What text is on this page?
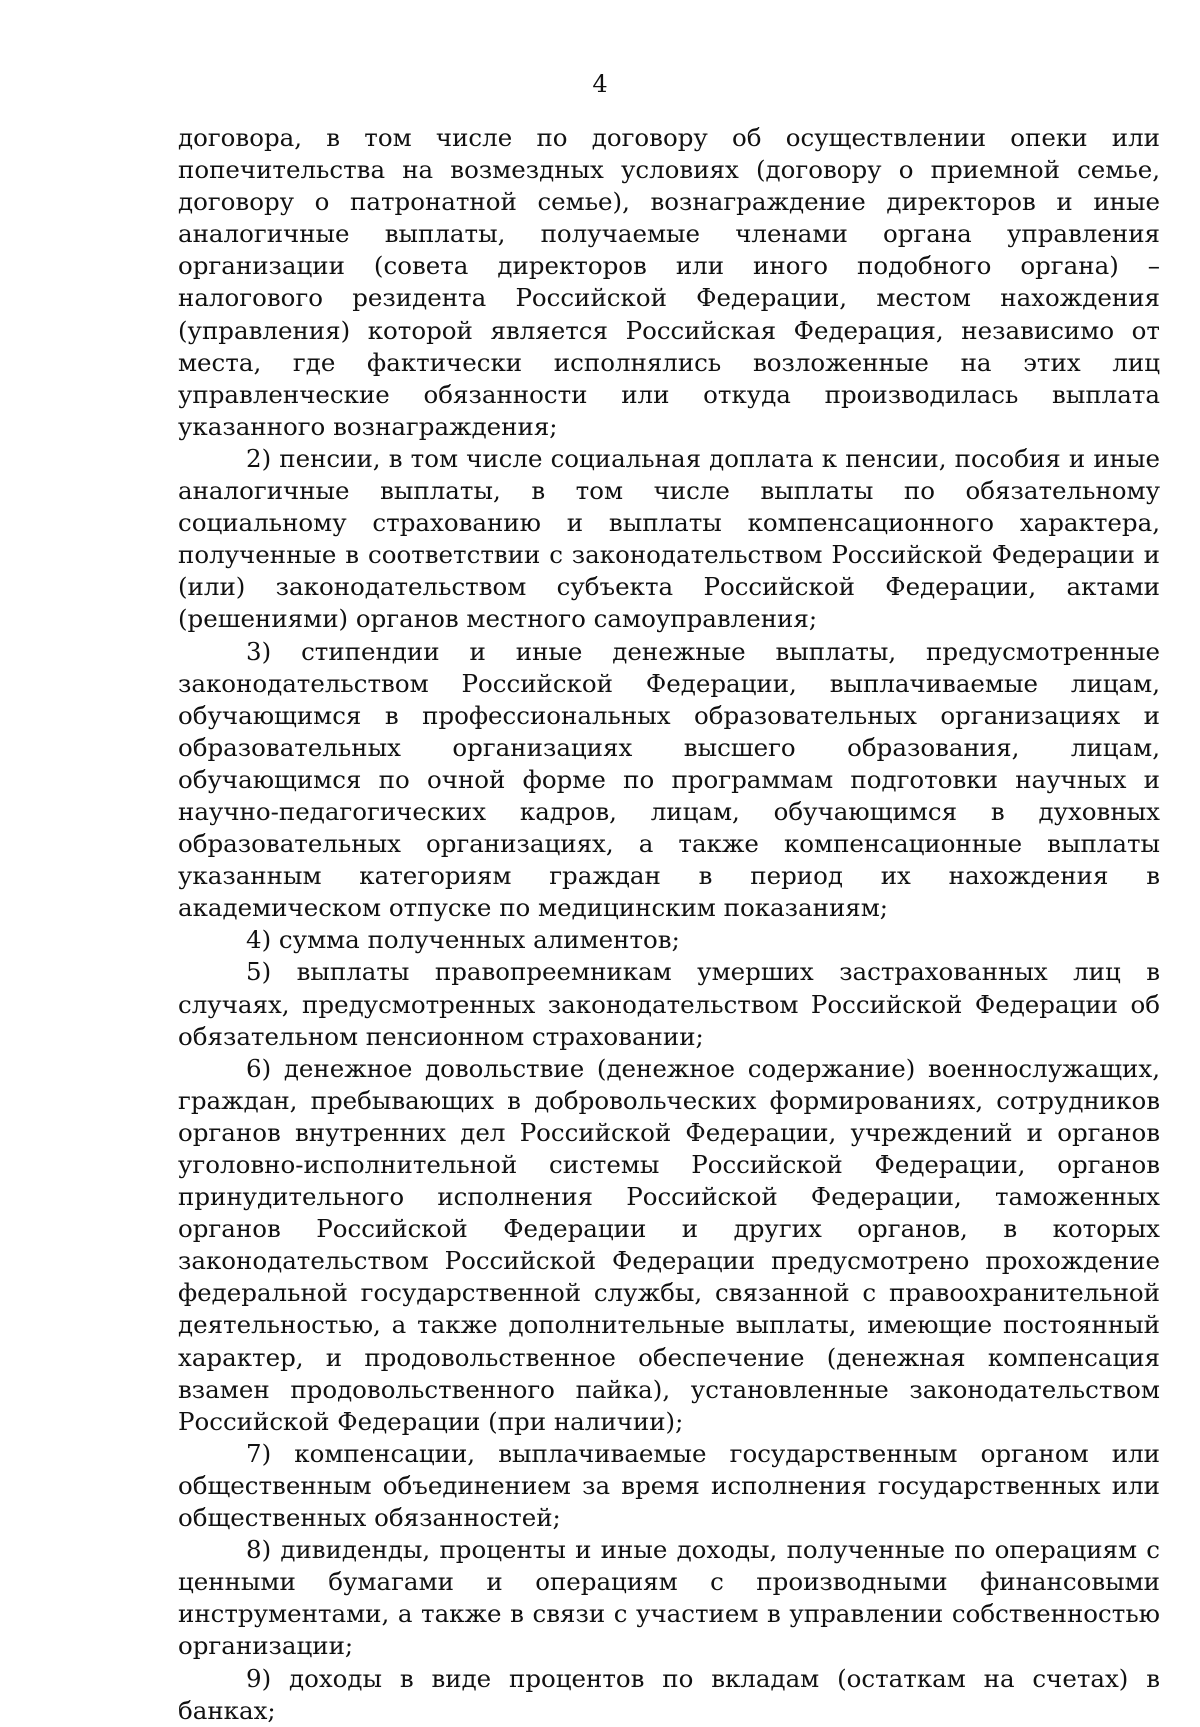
4

договора, в том числе по договору об осуществлении опеки или попечительства на возмездных условиях (договору о приемной семье, договору о патронатной семье), вознаграждение директоров и иные аналогичные выплаты, получаемые членами органа управления организации (совета директоров или иного подобного органа) – налогового резидента Российской Федерации, местом нахождения (управления) которой является Российская Федерация, независимо от места, где фактически исполнялись возложенные на этих лиц управленческие обязанности или откуда производилась выплата указанного вознаграждения;

2) пенсии, в том числе социальная доплата к пенсии, пособия и иные аналогичные выплаты, в том числе выплаты по обязательному социальному страхованию и выплаты компенсационного характера, полученные в соответствии с законодательством Российской Федерации и (или) законодательством субъекта Российской Федерации, актами (решениями) органов местного самоуправления;

3) стипендии и иные денежные выплаты, предусмотренные законодательством Российской Федерации, выплачиваемые лицам, обучающимся в профессиональных образовательных организациях и образовательных организациях высшего образования, лицам, обучающимся по очной форме по программам подготовки научных и научно-педагогических кадров, лицам, обучающимся в духовных образовательных организациях, а также компенсационные выплаты указанным категориям граждан в период их нахождения в академическом отпуске по медицинским показаниям;

4) сумма полученных алиментов;

5) выплаты правопреемникам умерших застрахованных лиц в случаях, предусмотренных законодательством Российской Федерации об обязательном пенсионном страховании;

6) денежное довольствие (денежное содержание) военнослужащих, граждан, пребывающих в добровольческих формированиях, сотрудников органов внутренних дел Российской Федерации, учреждений и органов уголовно-исполнительной системы Российской Федерации, органов принудительного исполнения Российской Федерации, таможенных органов Российской Федерации и других органов, в которых законодательством Российской Федерации предусмотрено прохождение федеральной государственной службы, связанной с правоохранительной деятельностью, а также дополнительные выплаты, имеющие постоянный характер, и продовольственное обеспечение (денежная компенсация взамен продовольственного пайка), установленные законодательством Российской Федерации (при наличии);

7) компенсации, выплачиваемые государственным органом или общественным объединением за время исполнения государственных или общественных обязанностей;

8) дивиденды, проценты и иные доходы, полученные по операциям с ценными бумагами и операциям с производными финансовыми инструментами, а также в связи с участием в управлении собственностью организации;

9) доходы в виде процентов по вкладам (остаткам на счетах) в банках;
